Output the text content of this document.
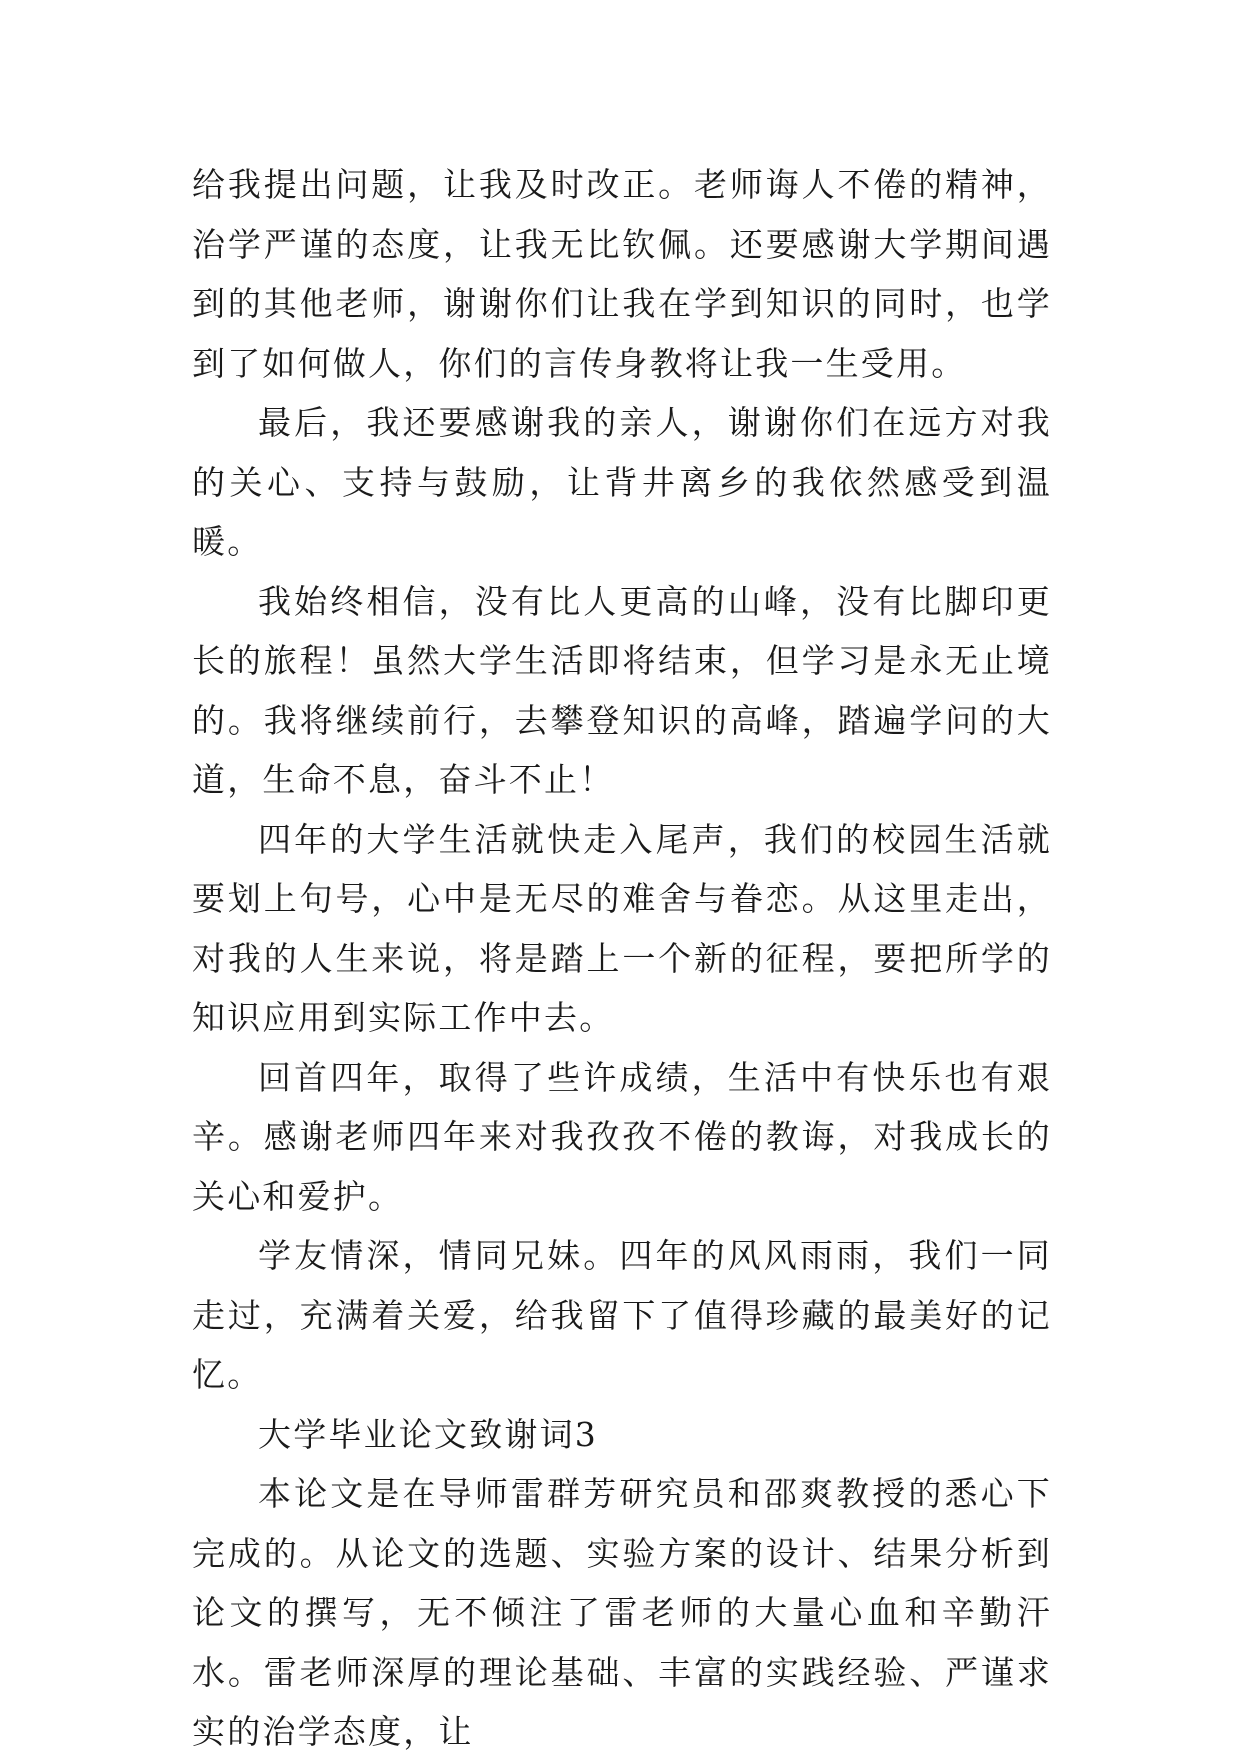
给我提出问题，让我及时改正。老师诲人不倦的精神，治学严谨的态度，让我无比钦佩。还要感谢大学期间遇到的其他老师，谢谢你们让我在学到知识的同时，也学到了如何做人，你们的言传身教将让我一生受用。

最后，我还要感谢我的亲人，谢谢你们在远方对我的关心、支持与鼓励，让背井离乡的我依然感受到温暖。

我始终相信，没有比人更高的山峰，没有比脚印更长的旅程！虽然大学生活即将结束，但学习是永无止境的。我将继续前行，去攀登知识的高峰，踏遍学问的大道，生命不息，奋斗不止！

四年的大学生活就快走入尾声，我们的校园生活就要划上句号，心中是无尽的难舍与眷恋。从这里走出，对我的人生来说，将是踏上一个新的征程，要把所学的知识应用到实际工作中去。

回首四年，取得了些许成绩，生活中有快乐也有艰辛。感谢老师四年来对我孜孜不倦的教诲，对我成长的关心和爱护。

学友情深，情同兄妹。四年的风风雨雨，我们一同走过，充满着关爱，给我留下了值得珍藏的最美好的记忆。

大学毕业论文致谢词3

本论文是在导师雷群芳研究员和邵爽教授的悉心下完成的。从论文的选题、实验方案的设计、结果分析到论文的撰写，无不倾注了雷老师的大量心血和辛勤汗水。雷老师深厚的理论基础、丰富的实践经验、严谨求实的治学态度，让
